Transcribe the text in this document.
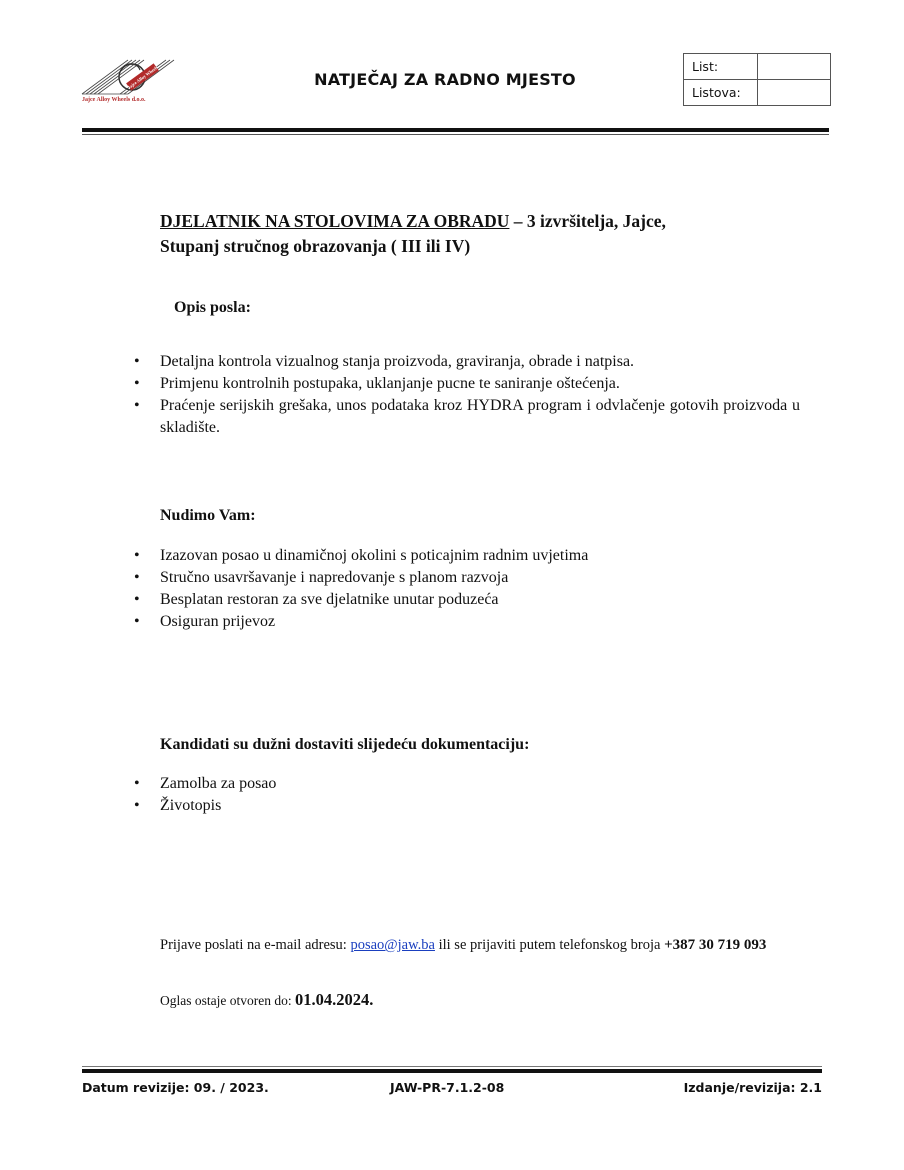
Jajce Alloy Wheels
Jajce Alloy Wheels d.o.o.
NATJEČAJ ZA RADNO MJESTO
List:	
Listova:	
DJELATNIK NA STOLOVIMA ZA OBRADU – 3 izvršitelja, Jajce,
Stupanj stručnog obrazovanja ( III ili IV)
Opis posla:
• Detaljna kontrola vizualnog stanja proizvoda, graviranja, obrade i natpisa.
• Primjenu kontrolnih postupaka, uklanjanje pucne te saniranje oštećenja.
• Praćenje serijskih grešaka, unos podataka kroz HYDRA program i odvlačenje gotovih proizvoda u skladište.
Nudimo Vam:
• Izazovan posao u dinamičnoj okolini s poticajnim radnim uvjetima
• Stručno usavršavanje i napredovanje s planom razvoja
• Besplatan restoran za sve djelatnike unutar poduzeća
• Osiguran prijevoz
Kandidati su dužni dostaviti slijedeću dokumentaciju:
• Zamolba za posao
• Životopis
Prijave poslati na e-mail adresu: posao@jaw.ba ili se prijaviti putem telefonskog broja +387 30 719 093
Oglas ostaje otvoren do: 01.04.2024.
Datum revizije: 09. / 2023.	JAW-PR-7.1.2-08	Izdanje/revizija: 2.1
